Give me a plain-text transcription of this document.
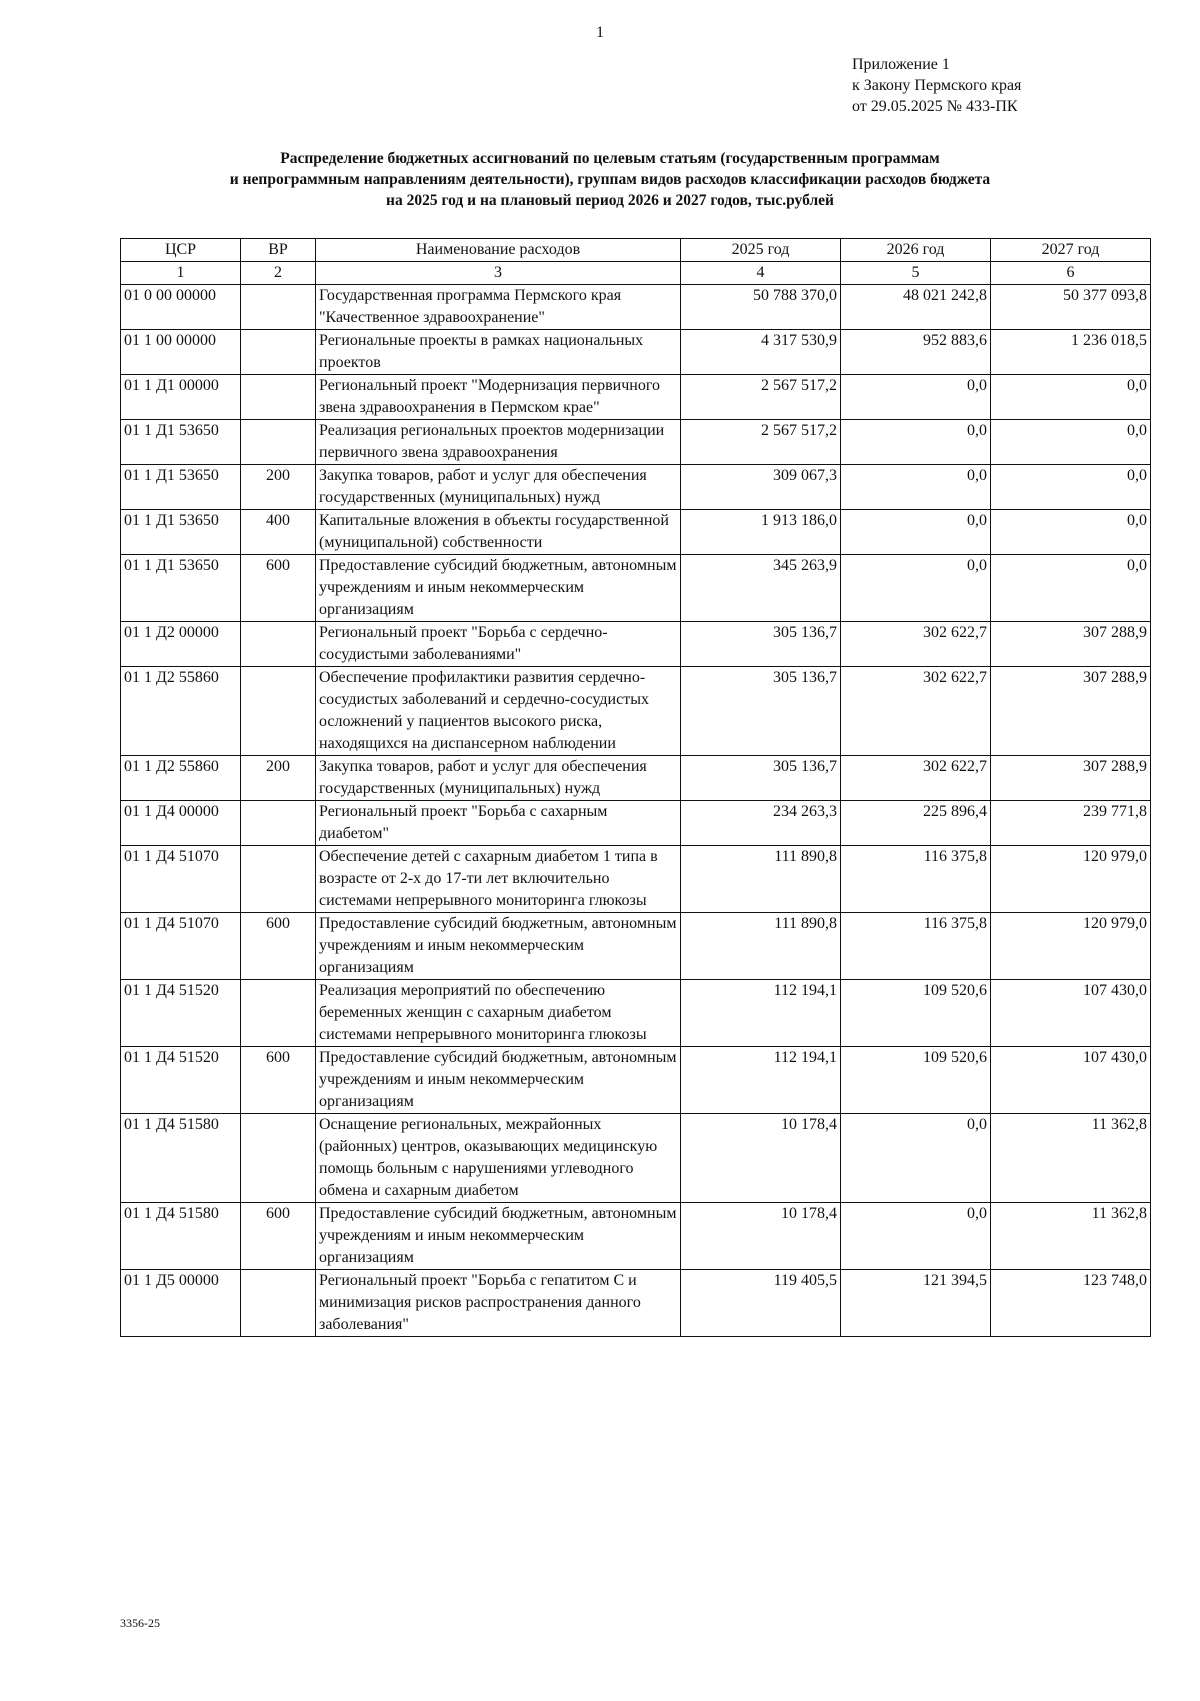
1
Приложение 1
к Закону Пермского края
от 29.05.2025 № 433-ПК
Распределение бюджетных ассигнований по целевым статьям (государственным программам
и непрограммным направлениям деятельности), группам видов расходов классификации расходов бюджета
на 2025 год и на плановый период 2026 и 2027 годов, тыс.рублей
ЦСР	ВР	Наименование расходов	2025 год	2026 год	2027 год
1	2	3	4	5	6
01 0 00 00000		Государственная программа Пермского края "Качественное здравоохранение"	50 788 370,0	48 021 242,8	50 377 093,8
01 1 00 00000		Региональные проекты в рамках национальных проектов	4 317 530,9	952 883,6	1 236 018,5
01 1 Д1 00000		Региональный проект "Модернизация первичного звена здравоохранения в Пермском крае"	2 567 517,2	0,0	0,0
01 1 Д1 53650		Реализация региональных проектов модернизации первичного звена здравоохранения	2 567 517,2	0,0	0,0
01 1 Д1 53650	200	Закупка товаров, работ и услуг для обеспечения государственных (муниципальных) нужд	309 067,3	0,0	0,0
01 1 Д1 53650	400	Капитальные вложения в объекты государственной (муниципальной) собственности	1 913 186,0	0,0	0,0
01 1 Д1 53650	600	Предоставление субсидий бюджетным, автономным учреждениям и иным некоммерческим организациям	345 263,9	0,0	0,0
01 1 Д2 00000		Региональный проект "Борьба с сердечно-сосудистыми заболеваниями"	305 136,7	302 622,7	307 288,9
01 1 Д2 55860		Обеспечение профилактики развития сердечно-сосудистых заболеваний и сердечно-сосудистых осложнений у пациентов высокого риска, находящихся на диспансерном наблюдении	305 136,7	302 622,7	307 288,9
01 1 Д2 55860	200	Закупка товаров, работ и услуг для обеспечения государственных (муниципальных) нужд	305 136,7	302 622,7	307 288,9
01 1 Д4 00000		Региональный проект "Борьба с сахарным диабетом"	234 263,3	225 896,4	239 771,8
01 1 Д4 51070		Обеспечение детей с сахарным диабетом 1 типа в возрасте от 2-х до 17-ти лет включительно системами непрерывного мониторинга глюкозы	111 890,8	116 375,8	120 979,0
01 1 Д4 51070	600	Предоставление субсидий бюджетным, автономным учреждениям и иным некоммерческим организациям	111 890,8	116 375,8	120 979,0
01 1 Д4 51520		Реализация мероприятий по обеспечению беременных женщин с сахарным диабетом системами непрерывного мониторинга глюкозы	112 194,1	109 520,6	107 430,0
01 1 Д4 51520	600	Предоставление субсидий бюджетным, автономным учреждениям и иным некоммерческим организациям	112 194,1	109 520,6	107 430,0
01 1 Д4 51580		Оснащение региональных, межрайонных (районных) центров, оказывающих медицинскую помощь больным с нарушениями углеводного обмена и сахарным диабетом	10 178,4	0,0	11 362,8
01 1 Д4 51580	600	Предоставление субсидий бюджетным, автономным учреждениям и иным некоммерческим организациям	10 178,4	0,0	11 362,8
01 1 Д5 00000		Региональный проект "Борьба с гепатитом С и минимизация рисков распространения данного заболевания"	119 405,5	121 394,5	123 748,0
3356-25
